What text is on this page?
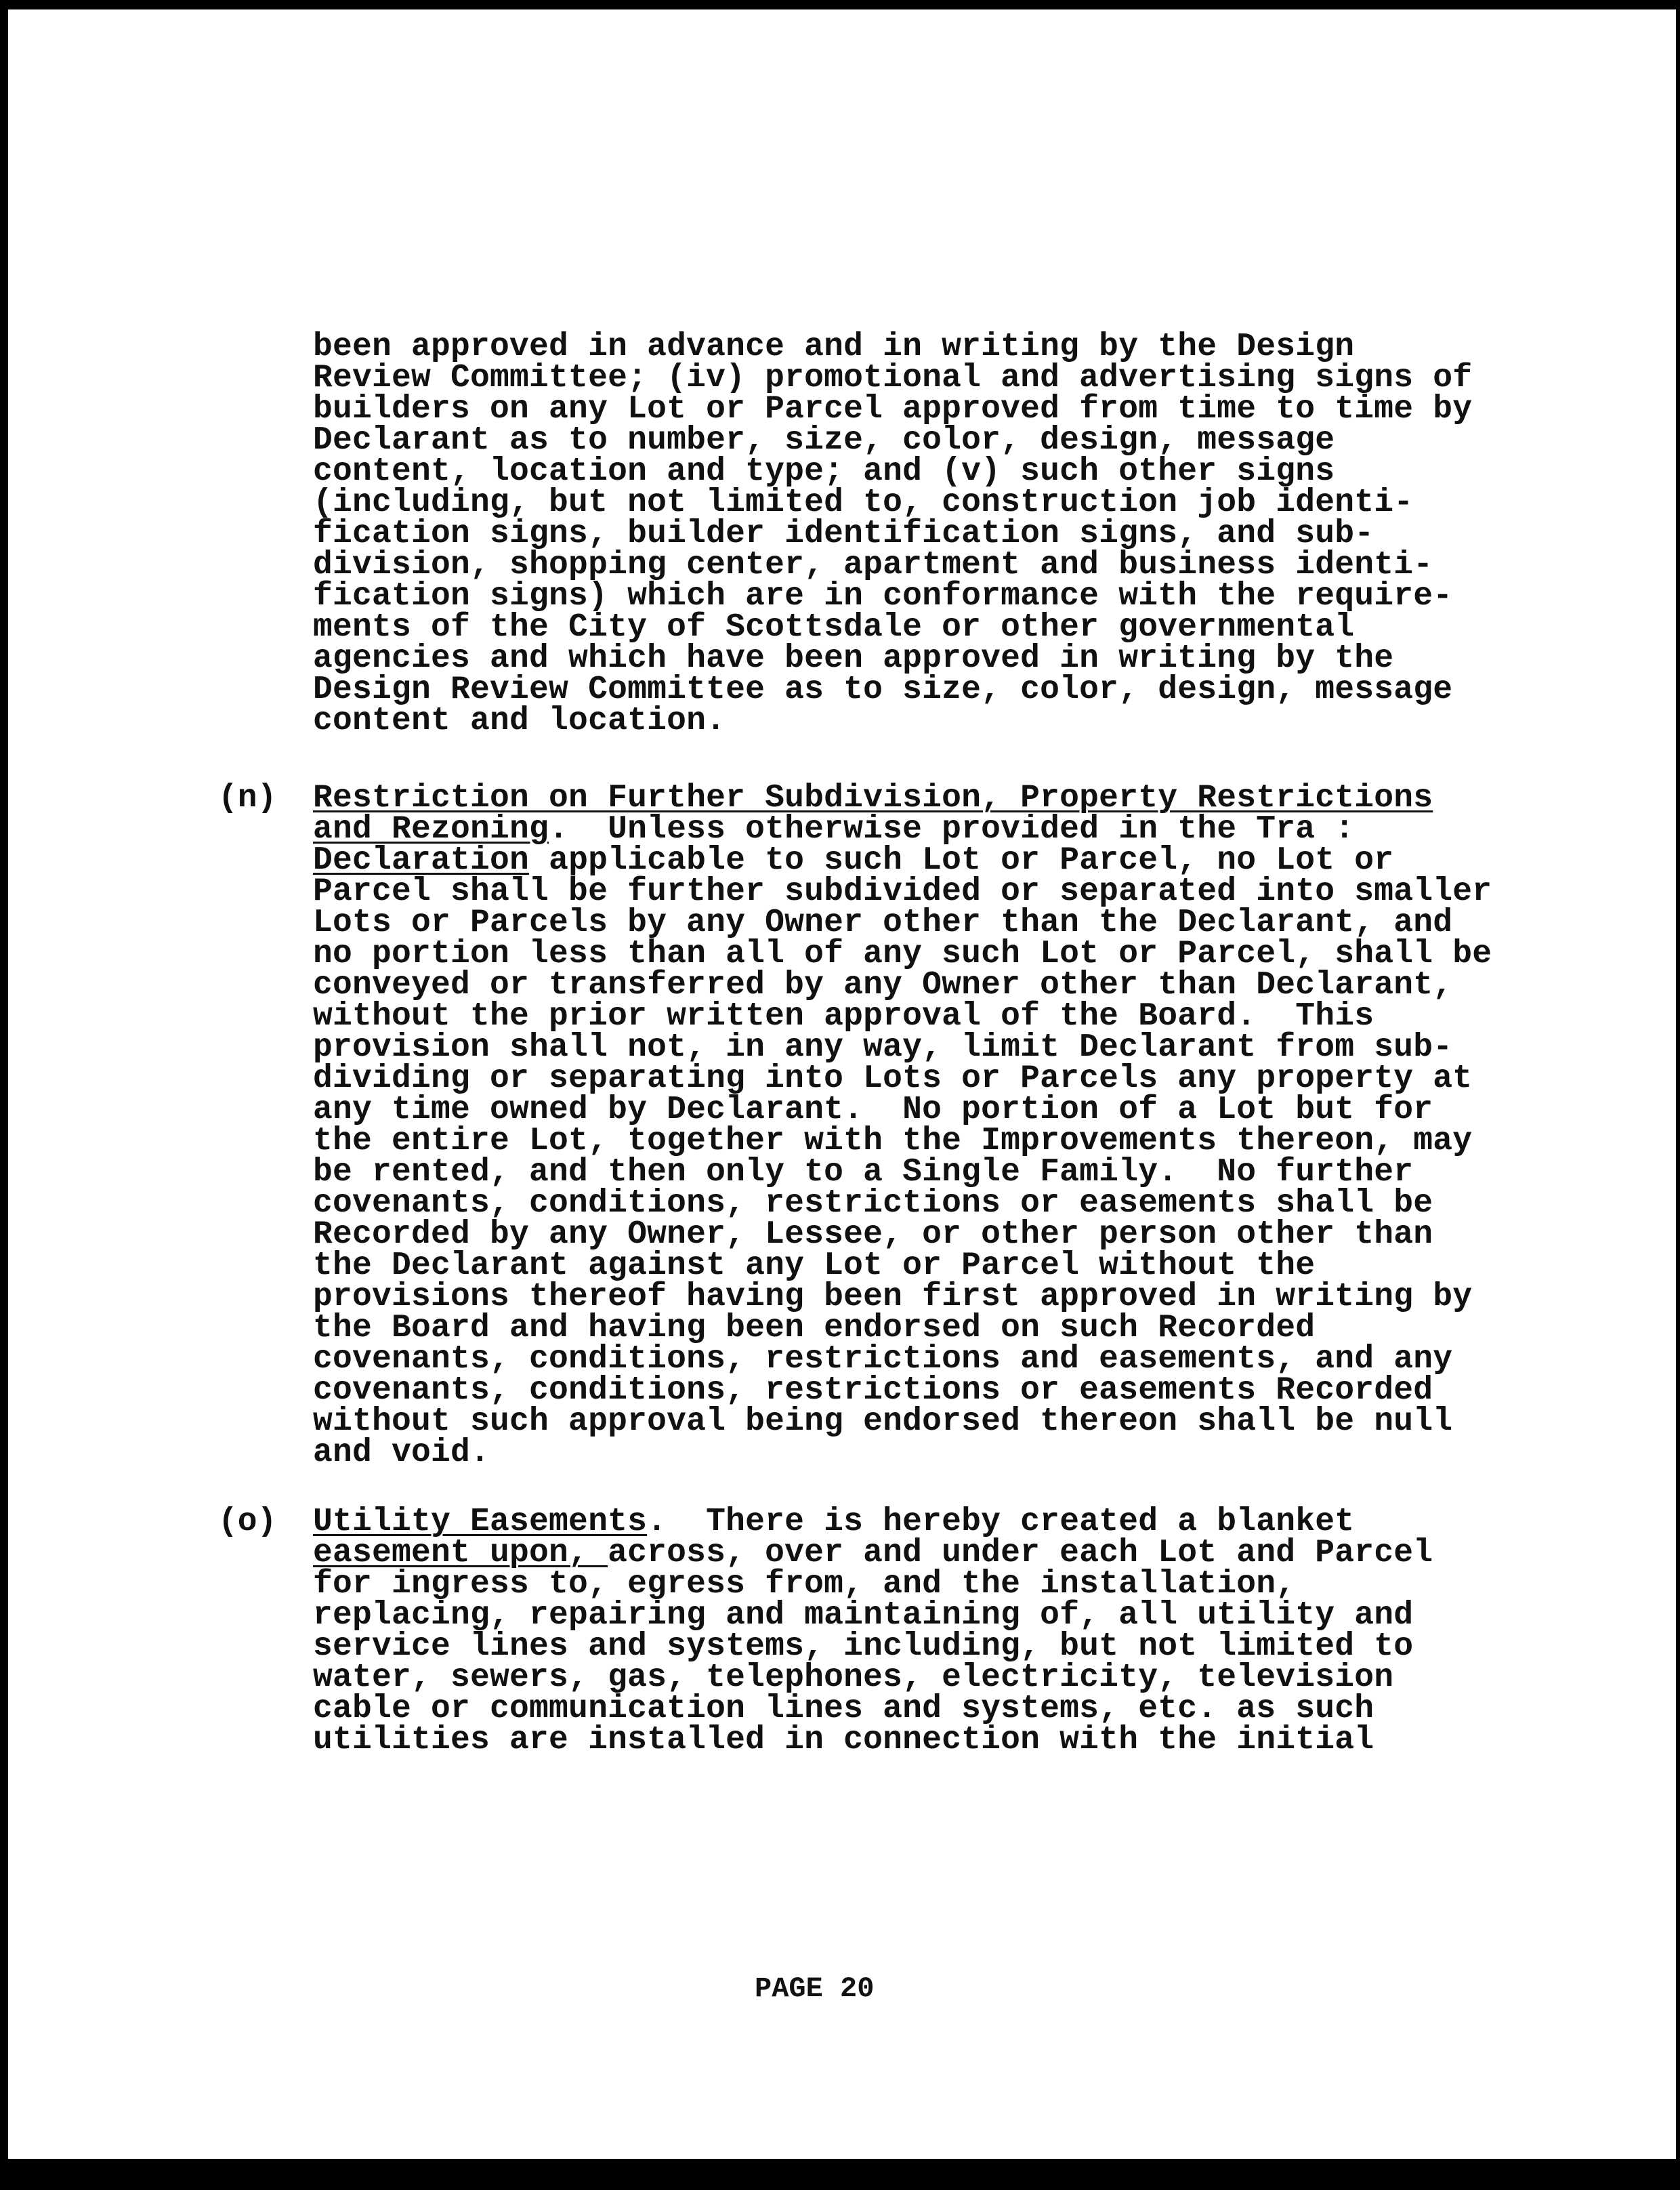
been approved in advance and in writing by the Design
Review Committee; (iv) promotional and advertising signs of
builders on any Lot or Parcel approved from time to time by
Declarant as to number, size, color, design, message
content, location and type; and (v) such other signs
(including, but not limited to, construction job identi-
fication signs, builder identification signs, and sub-
division, shopping center, apartment and business identi-
fication signs) which are in conformance with the require-
ments of the City of Scottsdale or other governmental
agencies and which have been approved in writing by the
Design Review Committee as to size, color, design, message
content and location.
(n) Restriction on Further Subdivision, Property Restrictions
and Rezoning.  Unless otherwise provided in the Tra :
Declaration applicable to such Lot or Parcel, no Lot or
Parcel shall be further subdivided or separated into smaller
Lots or Parcels by any Owner other than the Declarant, and
no portion less than all of any such Lot or Parcel, shall be
conveyed or transferred by any Owner other than Declarant,
without the prior written approval of the Board.  This
provision shall not, in any way, limit Declarant from sub-
dividing or separating into Lots or Parcels any property at
any time owned by Declarant.  No portion of a Lot but for
the entire Lot, together with the Improvements thereon, may
be rented, and then only to a Single Family.  No further
covenants, conditions, restrictions or easements shall be
Recorded by any Owner, Lessee, or other person other than
the Declarant against any Lot or Parcel without the
provisions thereof having been first approved in writing by
the Board and having been endorsed on such Recorded
covenants, conditions, restrictions and easements, and any
covenants, conditions, restrictions or easements Recorded
without such approval being endorsed thereon shall be null
and void.
(o) Utility Easements.  There is hereby created a blanket
easement upon, across, over and under each Lot and Parcel
for ingress to, egress from, and the installation,
replacing, repairing and maintaining of, all utility and
service lines and systems, including, but not limited to
water, sewers, gas, telephones, electricity, television
cable or communication lines and systems, etc. as such
utilities are installed in connection with the initial
PAGE 20
